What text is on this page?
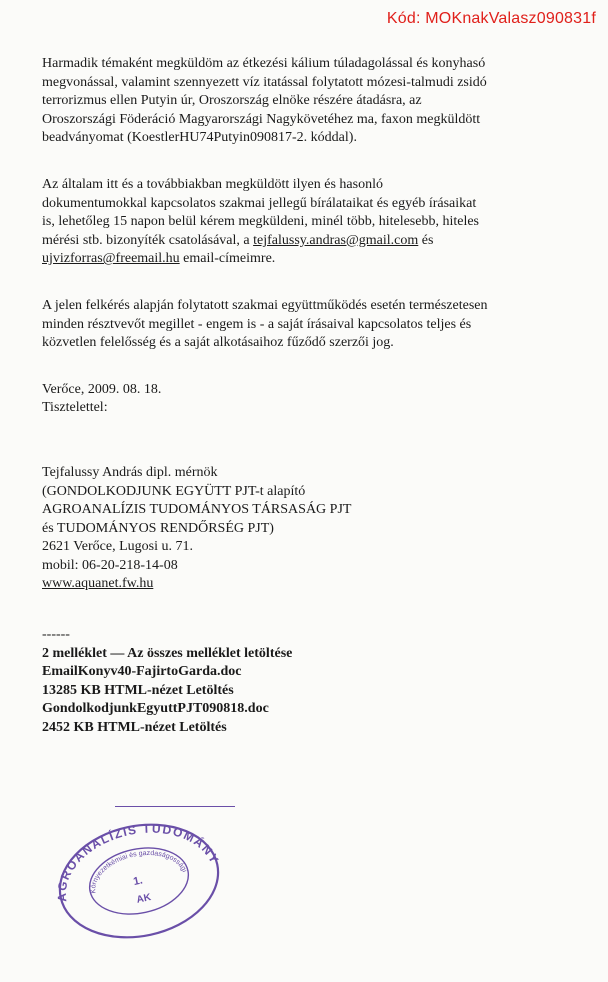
Kód: MOKnakValasz090831f

Harmadik témaként megküldöm az étkezési kálium túladagolással és konyhasó
megvonással, valamint szennyezett víz itatással folytatott mózesi-talmudi zsidó
terrorizmus ellen Putyin úr, Oroszország elnöke részére átadásra, az
Oroszországi Föderáció Magyarországi Nagykövetéhez ma, faxon megküldött
beadványomat (KoestlerHU74Putyin090817-2. kóddal).

Az általam itt és a továbbiakban megküldött ilyen és hasonló
dokumentumokkal kapcsolatos szakmai jellegű bírálataikat és egyéb írásaikat
is, lehetőleg 15 napon belül kérem megküldeni, minél több, hitelesebb, hiteles
mérési stb. bizonyíték csatolásával, a tejfalussy.andras@gmail.com és
ujvizforras@freemail.hu email-címeimre.

A jelen felkérés alapján folytatott szakmai együttműködés esetén természetesen
minden résztvevőt megillet - engem is - a saját írásaival kapcsolatos teljes és
közvetlen felelősség és a saját alkotásaihoz fűződő szerzői jog.

Verőce, 2009. 08. 18.
Tisztelettel:
Tejfalussy András dipl. mérnök
(GONDOLKODJUNK EGYÜTT PJT-t alapító
AGROANALÍZIS TUDOMÁNYOS TÁRSASÁG PJT
és TUDOMÁNYOS RENDŐRSÉG PJT)
2621 Verőce, Lugosi u. 71.
mobil: 06-20-218-14-08
www.aquanet.fw.hu
------
2 melléklet — Az összes melléklet letöltése
EmailKonyv40-FajirtoGarda.doc
13285 KB HTML-nézet Letöltés
GondolkodjunkEgyuttPJT090818.doc
2452 KB HTML-nézet Letöltés
AGROANALÍZIS TUDOMÁNYOS
Környezetkémiai és gazdaságossági
1.
AK
